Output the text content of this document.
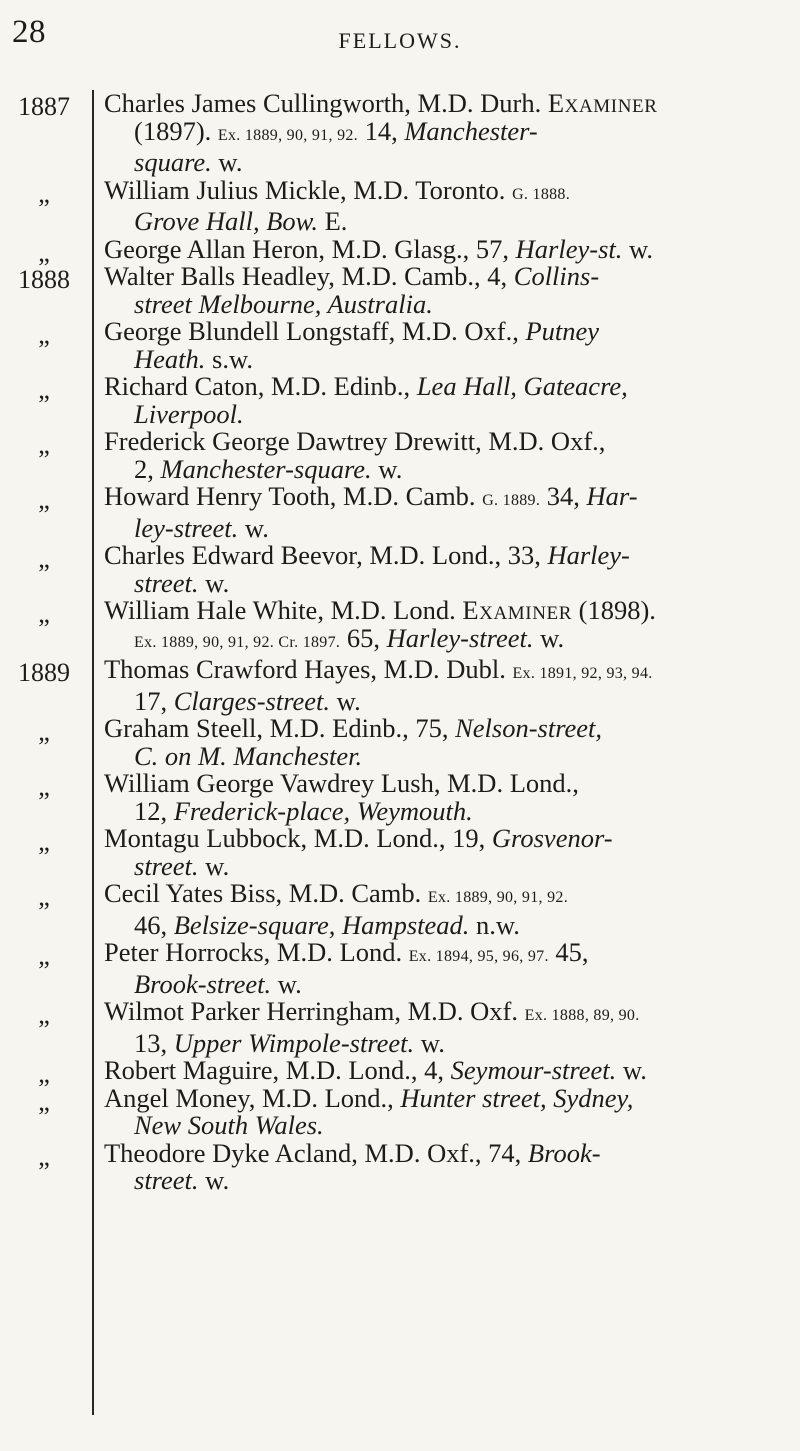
28	FELLOWS.
1887	Charles James Cullingworth, M.D. Durh. Examiner
(1897). Ex. 1889, 90, 91, 92. 14, Manchester-
square. w.
„	William Julius Mickle, M.D. Toronto. G. 1888.
Grove Hall, Bow. E.
„	George Allan Heron, M.D. Glasg., 57, Harley-st. w.
1888	Walter Balls Headley, M.D. Camb., 4, Collins-
street Melbourne, Australia.
„	George Blundell Longstaff, M.D. Oxf., Putney
Heath. s.w.
„	Richard Caton, M.D. Edinb., Lea Hall, Gateacre,
Liverpool.
„	Frederick George Dawtrey Drewitt, M.D. Oxf.,
2, Manchester-square. w.
„	Howard Henry Tooth, M.D. Camb. G. 1889. 34, Har-
ley-street. w.
„	Charles Edward Beevor, M.D. Lond., 33, Harley-
street. w.
„	William Hale White, M.D. Lond. Examiner (1898).
Ex. 1889, 90, 91, 92. Cr. 1897. 65, Harley-street. w.
1889	Thomas Crawford Hayes, M.D. Dubl. Ex. 1891, 92, 93, 94.
17, Clarges-street. w.
„	Graham Steell, M.D. Edinb., 75, Nelson-street,
C. on M. Manchester.
„	William George Vawdrey Lush, M.D. Lond.,
12, Frederick-place, Weymouth.
„	Montagu Lubbock, M.D. Lond., 19, Grosvenor-
street. w.
„	Cecil Yates Biss, M.D. Camb. Ex. 1889, 90, 91, 92.
46, Belsize-square, Hampstead. n.w.
„	Peter Horrocks, M.D. Lond. Ex. 1894, 95, 96, 97. 45,
Brook-street. w.
„	Wilmot Parker Herringham, M.D. Oxf. Ex. 1888, 89, 90.
13, Upper Wimpole-street. w.
„	Robert Maguire, M.D. Lond., 4, Seymour-street. w.
„	Angel Money, M.D. Lond., Hunter street, Sydney,
New South Wales.
„	Theodore Dyke Acland, M.D. Oxf., 74, Brook-
street. w.
